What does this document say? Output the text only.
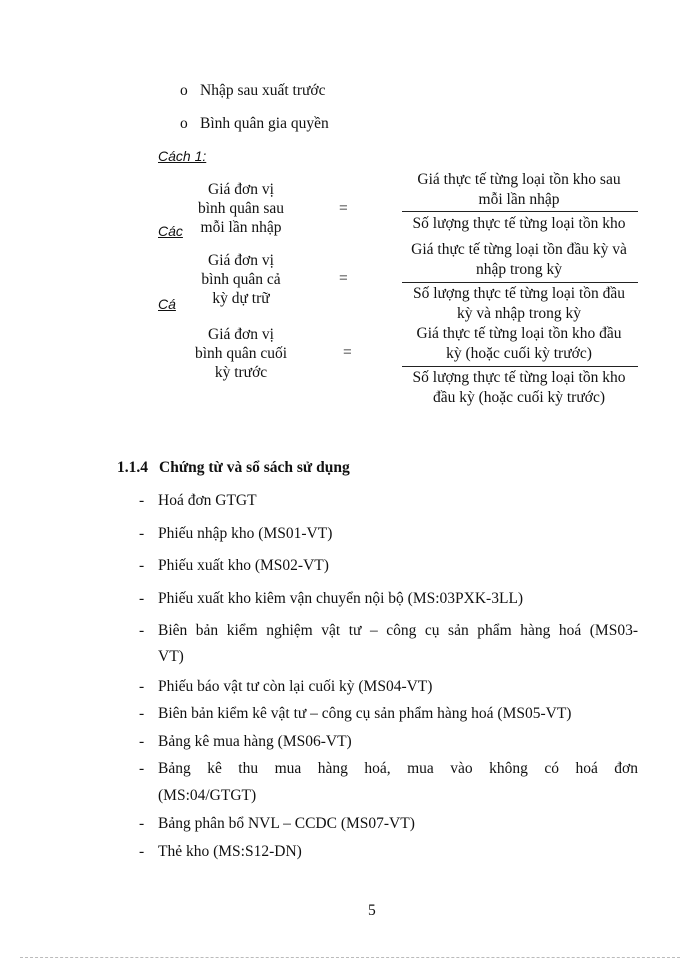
o Nhập sau xuất trước
o Bình quân gia quyền
Cách 1:
Các
Cá
Giá đơn vị
bình quân sau
mỗi lần nhập
=
Giá thực tế từng loại tồn kho sau
mỗi lần nhập
Số lượng thực tế từng loại tồn kho
Giá đơn vị
bình quân cả
kỳ dự trữ
=
Giá thực tế từng loại tồn đầu kỳ và
nhập trong kỳ
Số lượng thực tế từng loại tồn đầu
kỳ và nhập trong kỳ
Giá đơn vị
bình quân cuối
kỳ trước
=
Giá thực tế từng loại tồn kho đầu
kỳ (hoặc cuối kỳ trước)
Số lượng thực tế từng loại tồn kho
đầu kỳ (hoặc cuối kỳ trước)
1.1.4 Chứng từ và sổ sách sử dụng
- Hoá đơn GTGT
- Phiếu nhập kho (MS01-VT)
- Phiếu xuất kho (MS02-VT)
- Phiếu xuất kho kiêm vận chuyển nội bộ (MS:03PXK-3LL)
- Biên bản kiểm nghiệm vật tư – công cụ sản phẩm hàng hoá (MS03-
VT)
- Phiếu báo vật tư còn lại cuối kỳ (MS04-VT)
- Biên bản kiểm kê vật tư – công cụ sản phẩm hàng hoá (MS05-VT)
- Bảng kê mua hàng (MS06-VT)
- Bảng kê thu mua hàng hoá, mua vào không có hoá đơn
(MS:04/GTGT)
- Bảng phân bổ NVL – CCDC (MS07-VT)
- Thẻ kho (MS:S12-DN)
5
